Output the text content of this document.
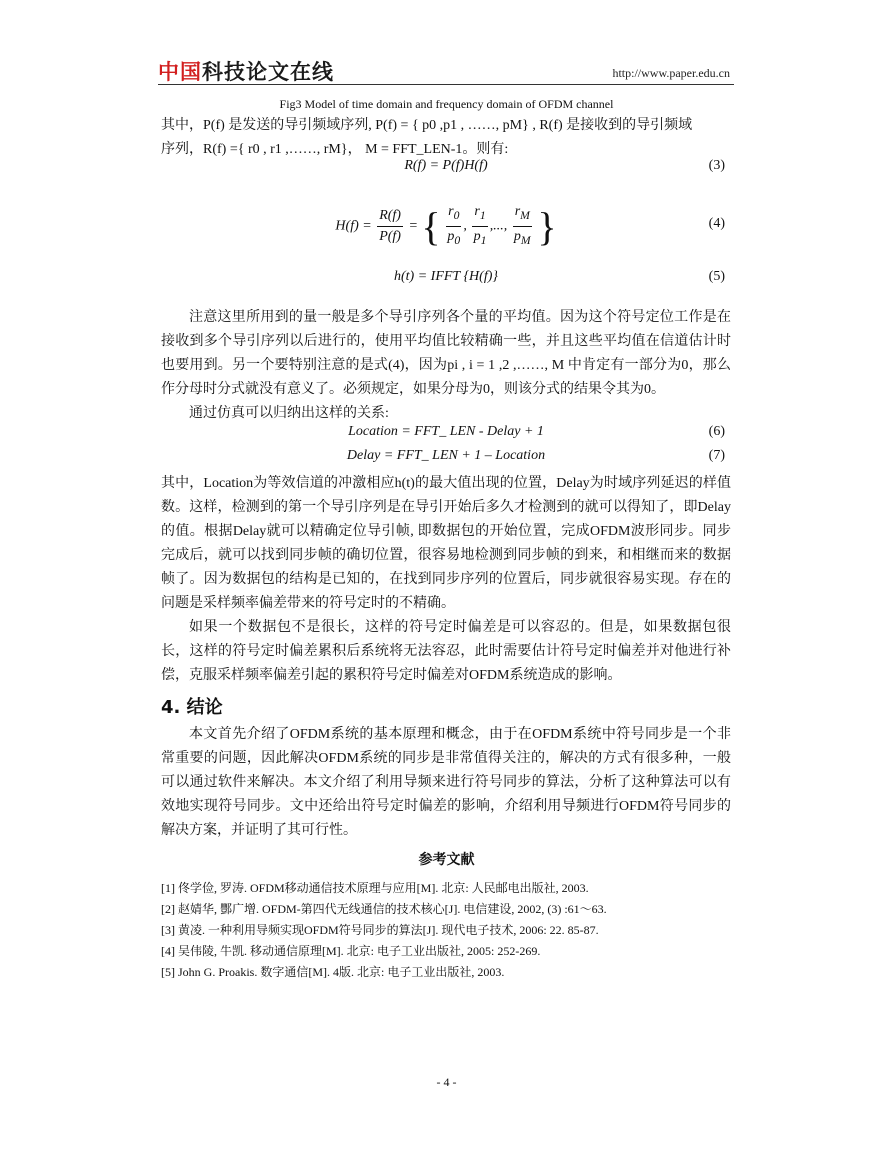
中国科技论文在线	http://www.paper.edu.cn
Fig3 Model of time domain and frequency domain of OFDM channel

其中，P(f) 是发送的导引频域序列, P(f) = { p0 ,p1 , ……, pM} , R(f) 是接收到的导引频域

序列，R(f) ={ r0 , r1 ,……, rM}， M = FFT_LEN-1。则有:

R(f) = P(f)H(f)	(3)
$H(f) = \frac{R(f)}{P(f)}$ = { $\frac{r_0}{p_0}$ , $\frac{r_1}{p_1}$ ,..., $\frac{r_M}{p_M}$ }	(4)
h(t) = IFFT {H(f)}	(5)

注意这里所用到的量一般是多个导引序列各个量的平均值。因为这个符号定位工作是在接收到多个导引序列以后进行的，使用平均值比较精确一些，并且这些平均值在信道估计时也要用到。另一个要特别注意的是式(4)，因为pi , i = 1 ,2 ,……, M 中肯定有一部分为0，那么作分母时分式就没有意义了。必须规定，如果分母为0，则该分式的结果令其为0。

通过仿真可以归纳出这样的关系:

Location = FFT_ LEN - Delay + 1	(6)
Delay = FFT_ LEN + 1 – Location	(7)

其中，Location为等效信道的冲激相应h(t)的最大值出现的位置，Delay为时域序列延迟的样值数。这样，检测到的第一个导引序列是在导引开始后多久才检测到的就可以得知了，即Delay的值。根据Delay就可以精确定位导引帧, 即数据包的开始位置，完成OFDM波形同步。同步完成后，就可以找到同步帧的确切位置，很容易地检测到同步帧的到来，和相继而来的数据帧了。因为数据包的结构是已知的，在找到同步序列的位置后，同步就很容易实现。存在的问题是采样频率偏差带来的符号定时的不精确。

如果一个数据包不是很长，这样的符号定时偏差是可以容忍的。但是，如果数据包很长，这样的符号定时偏差累积后系统将无法容忍，此时需要估计符号定时偏差并对他进行补偿，克服采样频率偏差引起的累积符号定时偏差对OFDM系统造成的影响。

4. 结论

本文首先介绍了OFDM系统的基本原理和概念，由于在OFDM系统中符号同步是一个非常重要的问题，因此解决OFDM系统的同步是非常值得关注的，解决的方式有很多种，一般可以通过软件来解决。本文介绍了利用导频来进行符号同步的算法，分析了这种算法可以有效地实现符号同步。文中还给出符号定时偏差的影响，介绍利用导频进行OFDM符号同步的解决方案，并证明了其可行性。

参考文献
[1] 佟学俭, 罗涛. OFDM移动通信技术原理与应用[M]. 北京: 人民邮电出版社, 2003.
[2] 赵婧华, 酆广增. OFDM-第四代无线通信的技术核心[J]. 电信建设, 2002, (3) :61～63.
[3] 黄凌. 一种利用导频实现OFDM符号同步的算法[J]. 现代电子技术, 2006: 22. 85-87.
[4] 吴伟陵, 牛凯. 移动通信原理[M]. 北京: 电子工业出版社, 2005: 252-269.
[5] John G. Proakis. 数字通信[M]. 4版. 北京: 电子工业出版社, 2003.
- 4 -
